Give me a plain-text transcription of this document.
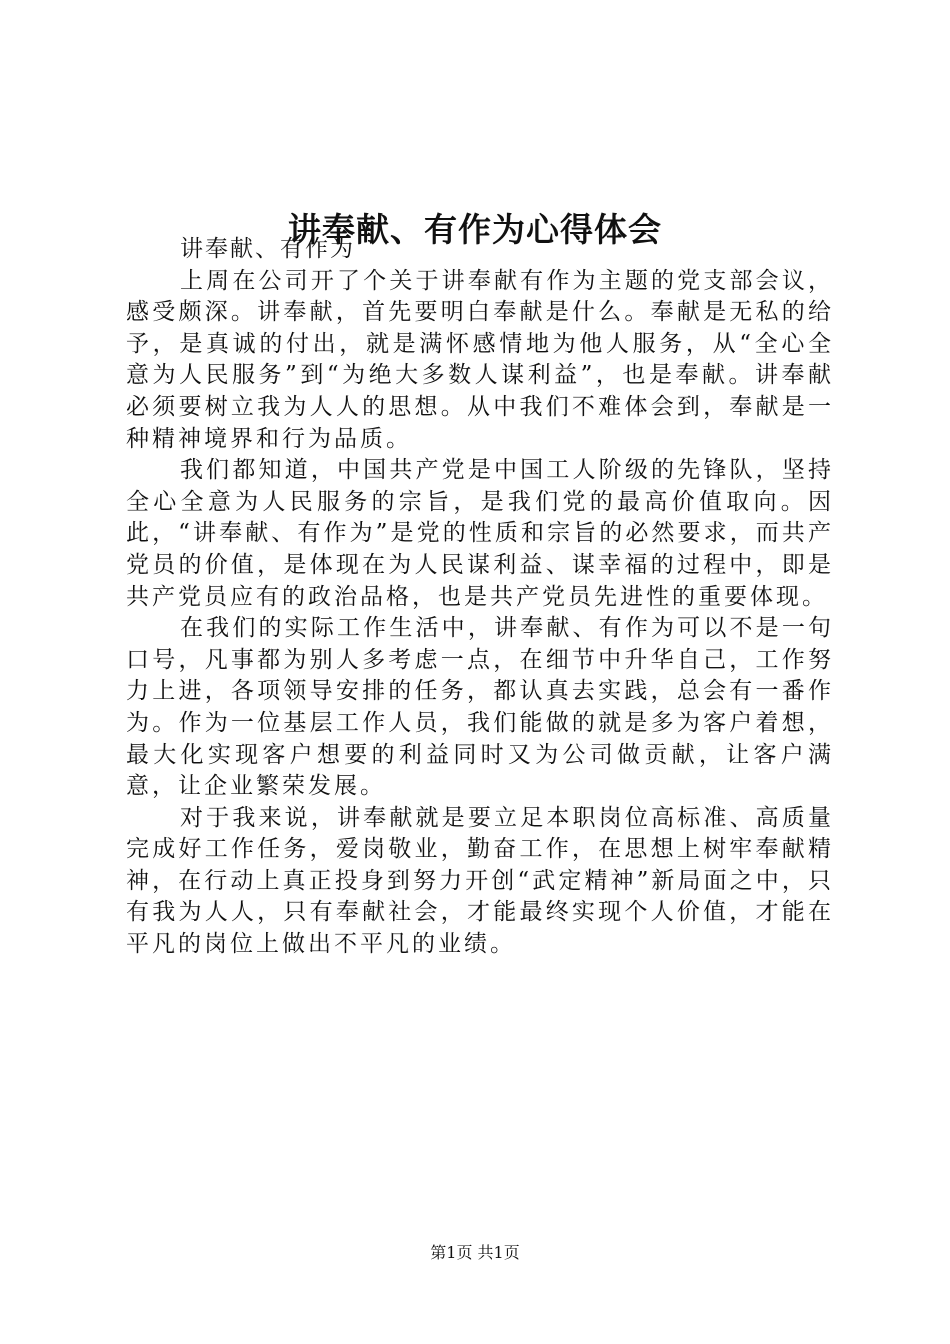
讲奉献、有作为心得体会

讲奉献、有作为

上周在公司开了个关于讲奉献有作为主题的党支部会议，感受颇深。讲奉献，首先要明白奉献是什么。奉献是无私的给予，是真诚的付出，就是满怀感情地为他人服务，从“全心全意为人民服务”到“为绝大多数人谋利益”，也是奉献。讲奉献必须要树立我为人人的思想。从中我们不难体会到，奉献是一种精神境界和行为品质。

我们都知道，中国共产党是中国工人阶级的先锋队，坚持全心全意为人民服务的宗旨，是我们党的最高价值取向。因此，“讲奉献、有作为”是党的性质和宗旨的必然要求，而共产党员的价值，是体现在为人民谋利益、谋幸福的过程中，即是共产党员应有的政治品格，也是共产党员先进性的重要体现。

在我们的实际工作生活中，讲奉献、有作为可以不是一句口号，凡事都为别人多考虑一点，在细节中升华自己，工作努力上进，各项领导安排的任务，都认真去实践，总会有一番作为。作为一位基层工作人员，我们能做的就是多为客户着想，最大化实现客户想要的利益同时又为公司做贡献，让客户满意，让企业繁荣发展。

对于我来说，讲奉献就是要立足本职岗位高标准、高质量完成好工作任务，爱岗敬业，勤奋工作，在思想上树牢奉献精神，在行动上真正投身到努力开创“武定精神”新局面之中，只有我为人人，只有奉献社会，才能最终实现个人价值，才能在平凡的岗位上做出不平凡的业绩。

第1页 共1页
